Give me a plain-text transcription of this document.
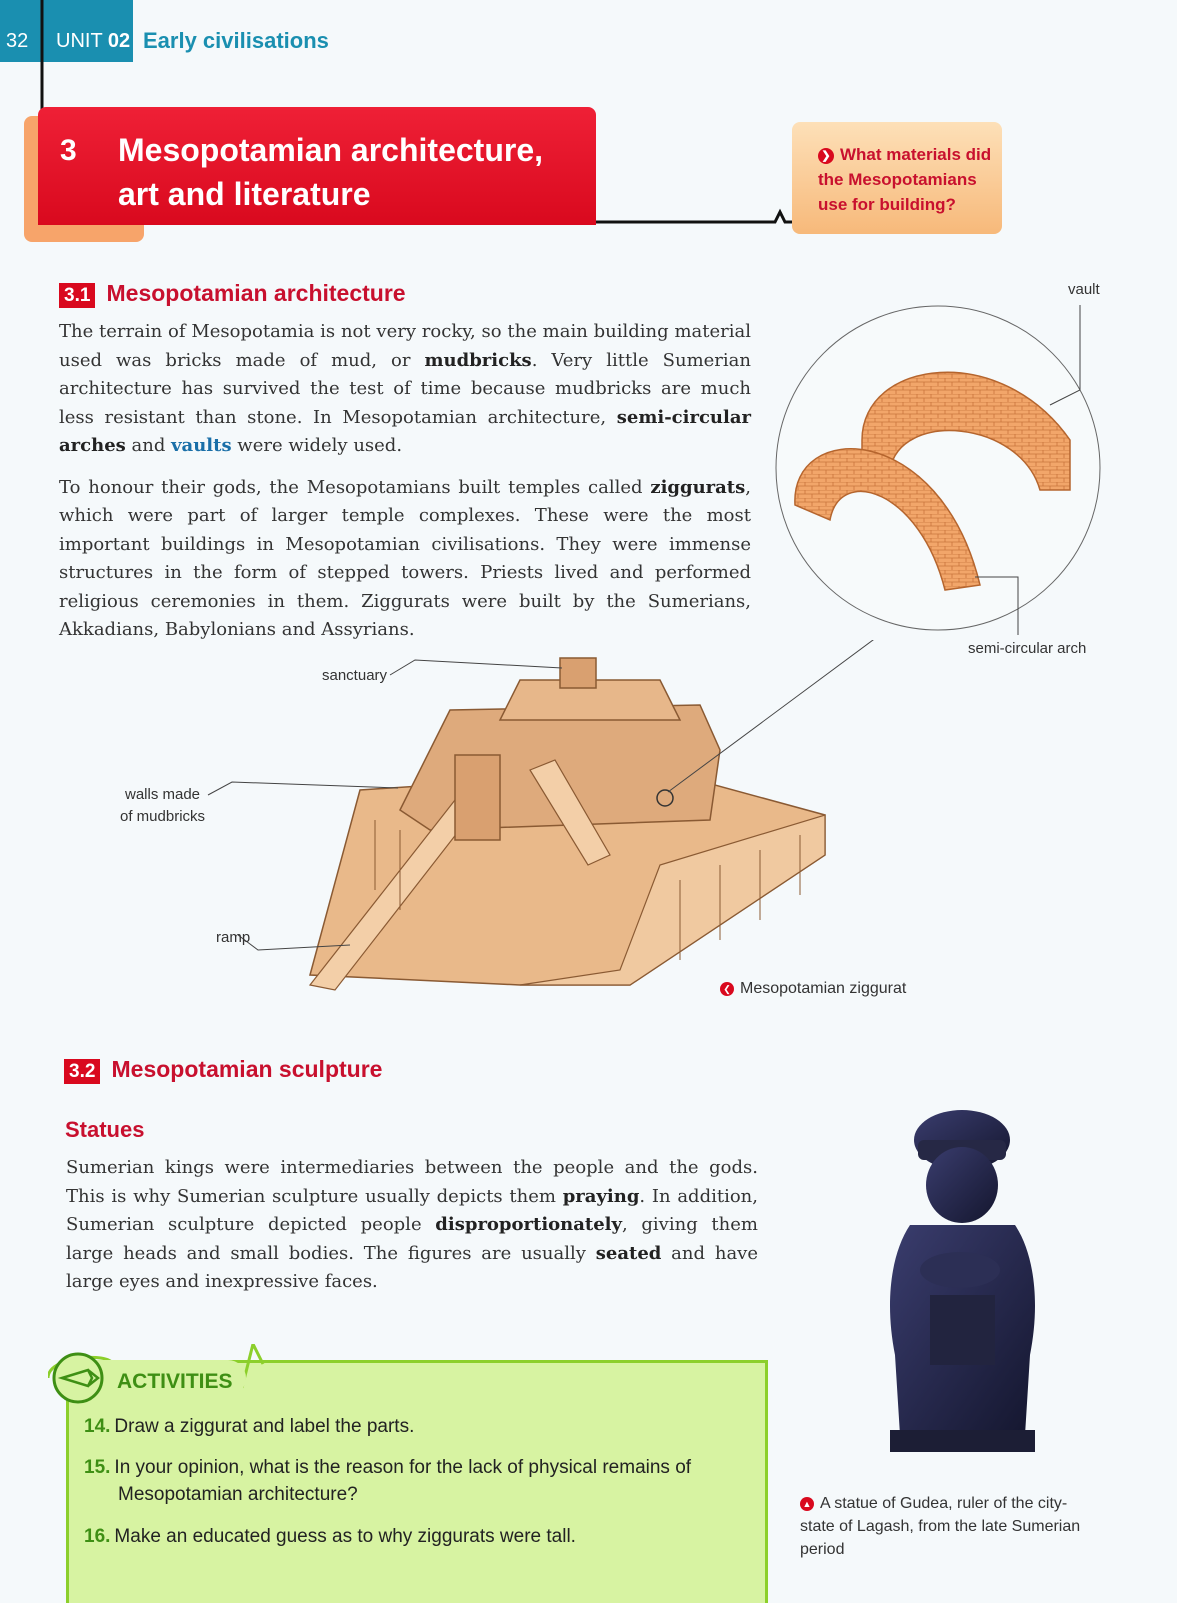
32 UNIT 02 Early civilisations
3 Mesopotamian architecture,
art and literature
❯ What materials did the Mesopotamians use for building?
3.1 Mesopotamian architecture

The terrain of Mesopotamia is not very rocky, so the main building material used was bricks made of mud, or mudbricks. Very little Sumerian architecture has survived the test of time because mudbricks are much less resistant than stone. In Mesopotamian architecture, semi-circular arches and vaults were widely used.

To honour their gods, the Mesopotamians built temples called ziggurats, which were part of larger temple complexes. These were the most important buildings in Mesopotamian civilisations. They were immense structures in the form of stepped towers. Priests lived and performed religious ceremonies in them. Ziggurats were built by the Sumerians, Akkadians, Babylonians and Assyrians.

vault
semi-circular arch
sanctuary
walls made
of mudbricks
ramp
❮ Mesopotamian ziggurat
3.2 Mesopotamian sculpture
Statues

Sumerian kings were intermediaries between the people and the gods. This is why Sumerian sculpture usually depicts them praying. In addition, Sumerian sculpture depicted people disproportionately, giving them large heads and small bodies. The figures are usually seated and have large eyes and inexpressive faces.

▲ A statue of Gudea, ruler of the city-state of Lagash, from the late Sumerian period
ACTIVITIES
14. Draw a ziggurat and label the parts.
15. In your opinion, what is the reason for the lack of physical remains of Mesopotamian architecture?
16. Make an educated guess as to why ziggurats were tall.
